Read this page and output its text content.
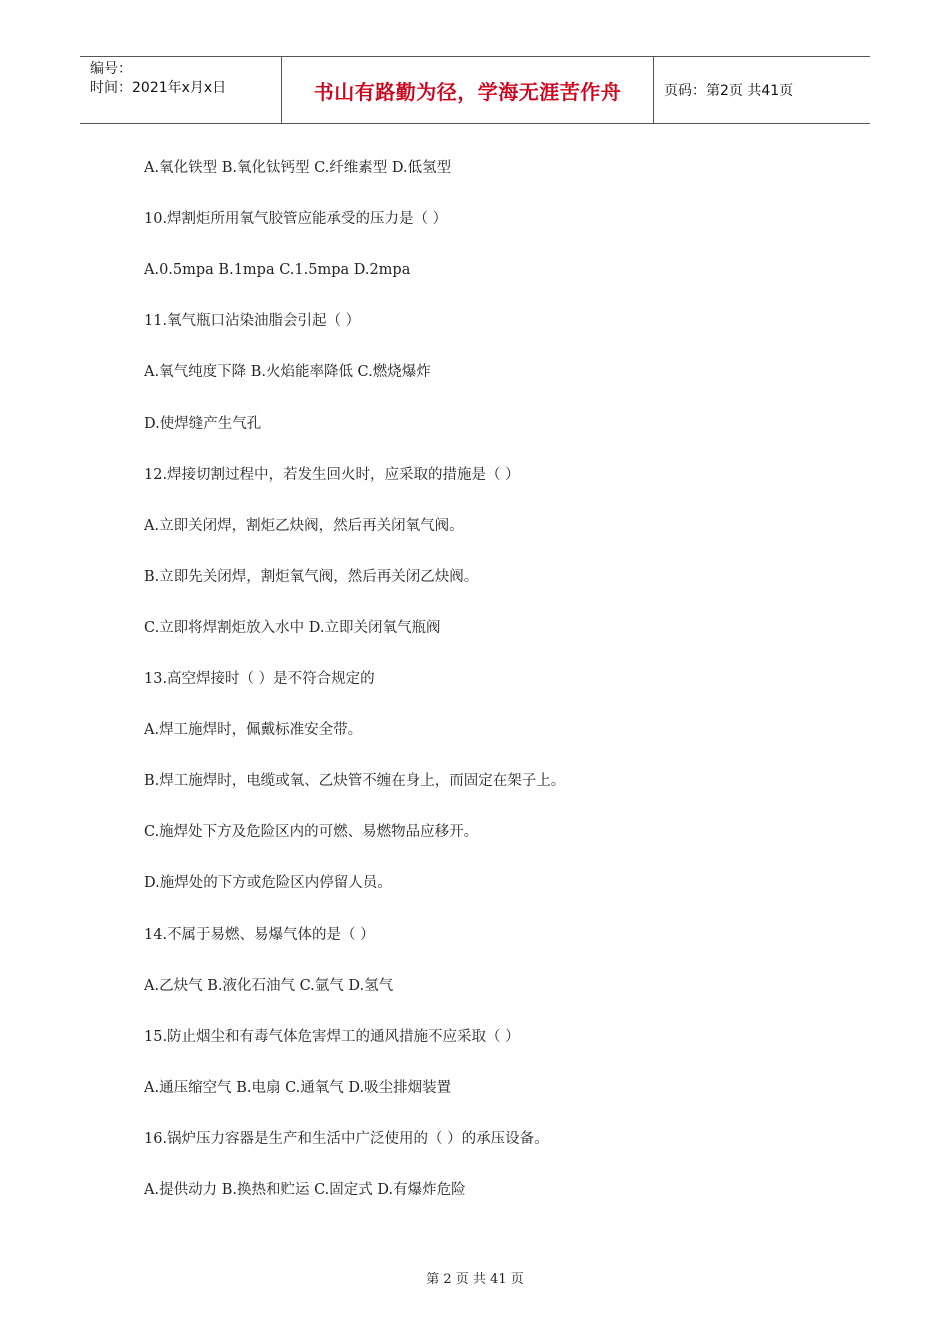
编号：
时间：2021年x月x日	书山有路勤为径，学海无涯苦作舟	页码：第2页 共41页
A.氧化铁型 B.氧化钛钙型 C.纤维素型 D.低氢型
10.焊割炬所用氧气胶管应能承受的压力是（ ）
A.0.5mpa B.1mpa C.1.5mpa D.2mpa
11.氧气瓶口沾染油脂会引起（ ）
A.氧气纯度下降 B.火焰能率降低 C.燃烧爆炸
D.使焊缝产生气孔
12.焊接切割过程中，若发生回火时，应采取的措施是（ ）
A.立即关闭焊，割炬乙炔阀，然后再关闭氧气阀。
B.立即先关闭焊，割炬氧气阀，然后再关闭乙炔阀。
C.立即将焊割炬放入水中 D.立即关闭氧气瓶阀
13.高空焊接时（ ）是不符合规定的
A.焊工施焊时，佩戴标准安全带。
B.焊工施焊时，电缆或氧、乙炔管不缠在身上，而固定在架子上。
C.施焊处下方及危险区内的可燃、易燃物品应移开。
D.施焊处的下方或危险区内停留人员。
14.不属于易燃、易爆气体的是（ ）
A.乙炔气 B.液化石油气 C.氩气 D.氢气
15.防止烟尘和有毒气体危害焊工的通风措施不应采取（ ）
A.通压缩空气 B.电扇 C.通氧气 D.吸尘排烟装置
16.锅炉压力容器是生产和生活中广泛使用的（ ）的承压设备。
A.提供动力 B.换热和贮运 C.固定式 D.有爆炸危险
第 2 页 共 41 页
